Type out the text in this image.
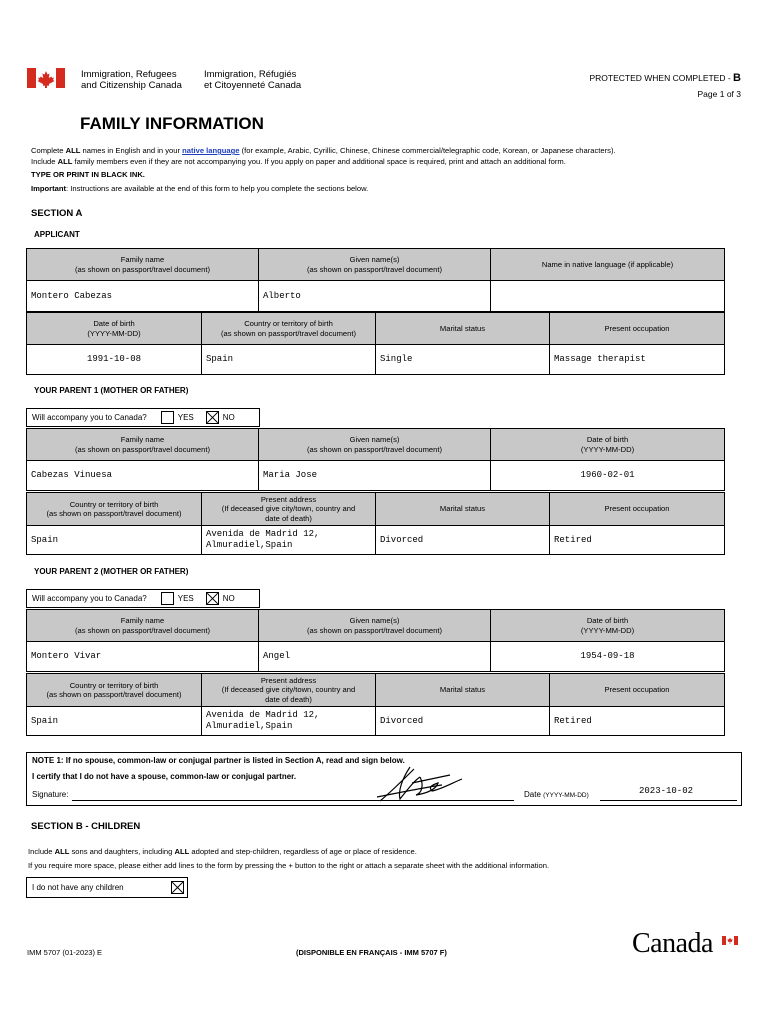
Immigration, Refugees
and Citizenship Canada
Immigration, Réfugiés
et Citoyenneté Canada
PROTECTED WHEN COMPLETED - B
Page 1 of 3
FAMILY INFORMATION
Complete ALL names in English and in your native language (for example, Arabic, Cyrillic, Chinese, Chinese commercial/telegraphic code, Korean, or Japanese characters).
Include ALL family members even if they are not accompanying you. If you apply on paper and additional space is required, print and attach an additional form.
TYPE OR PRINT IN BLACK INK.
Important: Instructions are available at the end of this form to help you complete the sections below.
SECTION A
APPLICANT
Family name
(as shown on passport/travel document)	Given name(s)
(as shown on passport/travel document)	Name in native language (if applicable)
Montero Cabezas	Alberto	
Date of birth
(YYYY-MM-DD)	Country or territory of birth
(as shown on passport/travel document)	Marital status	Present occupation
1991-10-08	Spain	Single	Massage therapist
YOUR PARENT 1 (MOTHER OR FATHER)
Will accompany you to Canada?	YES	NO
Family name
(as shown on passport/travel document)	Given name(s)
(as shown on passport/travel document)	Date of birth
(YYYY-MM-DD)
Cabezas Vinuesa	Maria Jose	1960-02-01
Country or territory of birth
(as shown on passport/travel document)	Present address
(If deceased give city/town, country and
date of death)	Marital status	Present occupation
Spain	Avenida de Madrid 12,
Almuradiel,Spain	Divorced	Retired
YOUR PARENT 2 (MOTHER OR FATHER)
Will accompany you to Canada?	YES	NO
Family name
(as shown on passport/travel document)	Given name(s)
(as shown on passport/travel document)	Date of birth
(YYYY-MM-DD)
Montero Vivar	Angel	1954-09-18
Country or territory of birth
(as shown on passport/travel document)	Present address
(If deceased give city/town, country and
date of death)	Marital status	Present occupation
Spain	Avenida de Madrid 12,
Almuradiel,Spain	Divorced	Retired
NOTE 1: If no spouse, common-law or conjugal partner is listed in Section A, read and sign below.
I certify that I do not have a spouse, common-law or conjugal partner.
Signature:	Date (YYYY-MM-DD)	2023-10-02
SECTION B - CHILDREN
Include ALL sons and daughters, including ALL adopted and step-children, regardless of age or place of residence.
If you require more space, please either add lines to the form by pressing the + button to the right or attach a separate sheet with the additional information.
I do not have any children
IMM 5707 (01-2023) E	(DISPONIBLE EN FRANÇAIS - IMM 5707 F)	Canada
